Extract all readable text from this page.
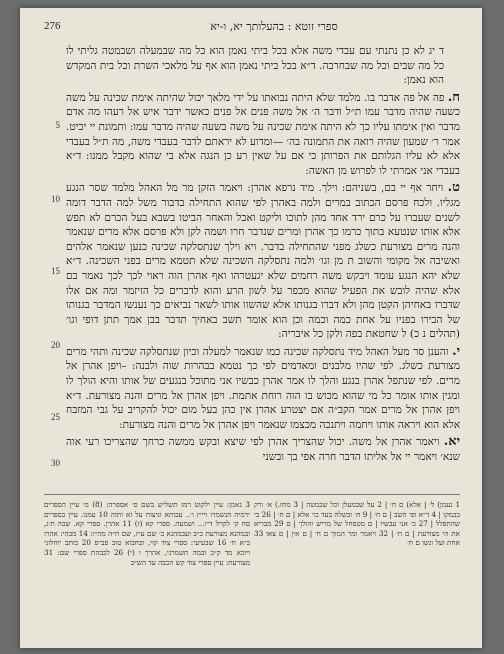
276	ספרי זוטא : בהעלותך יא, ו-יא
5
10
15
20
25
30

ד יג לא כן נתנתי עם עבדי משה אלא בכל ביתי נאמן הוא כל מה שבמעלה ושבמטה גליתי לו כל מה שבים וכל מה שבחרבה. ד״א בכל ביתי נאמן הוא אף על מלאכי השרת וכל בית המקדש הוא נאמן:

ח. פה אל פה אדבר בו. מלמד שלא היתה נבואתו על ידי מלאך יכול שהיתה אימת שכינה על משה כשעה שהיה מדבר עמו ת״ל ודבר ה׳ אל משה פנים אל פנים כאשר ידבר איש אל רעהו מה אדם מדבר ואין אימתו עליו כך לא היתה אימת שכינה על משה בשעה שהיה מדבר עמו: ותמונת יי יביט. אמר ר׳ שמעון שהיה רואה את התמונה בה׳ —ומדוע לא יראתם לדבר בעבדי משה, מה ת״ל בעבדי אלא לא עליו הגלותם את הפרותן כי אם על שאין רע כן הנגה אלא בי שהוא מקבל ממנו: ד״א בעבדי אני אמרתי לו לפרוש מן האשה:

ט. ויחר אף יי בם, בשניהם: וילך. מיד נרפא אהרן: ויאמר הזקן מר מל האהל מלמד שסר הנגע מגליו. ולכח פרסם הכתוב במרים ולמה באהרן לפי שהוא התחילה בדבור משל למה הדבר דומה לשנים שעברו על כרם ירד אחד מהן לתוכו וליקט ואכל והאחר הביטו בשבא בעל הכרם לא תפש אלא אותו שנטעא בתוך כרמו כך אהרן ומרים שנדבר חרו ושמה לקן ולא פרסם אלא מרים שנאמר והנה מרים מצורעת כשלג מפני שהתחילה בדבר. ויא וילך שנתסלקה שכינה כנען שנאמר אלהים ואשיבה אל מקומי והשוב ת מן וגו׳ ולמה נתסלקה השכינה שלא תטמא מרים בפני השכינה. ד״א שלא יהא הנגע עומד ויבקש משה רחמים שלא יגעטרהו ואף אהרן הוה ראוי לכך לכך נאמר בם אלא שהיה לובש את הפעיל שהוא מכפר על לשון הרע והוא לדברים כל הזיזמר ומה אם אלו שדברו באחיהן הקטן מהן ולא דברו בגנותו אלא שהשוו אותו לשאר נביאים כך נענשו המדבר בגנותו של הבירו בפניו על אחת כמה וכמה וכן הוא אומר תשב באחיך תדבר בבן אמך תתן דופי וגו׳ (תהלים נ כ) ל שחטאת בפה ולקן כל איבריה:

י. והענן סר מעל האהל מיד נתסלקה שכינה כמו שנאמר למעלה וכיון שנתסלקה שכינה ותהי מרים מצורעת כשלג. לפי שהיו מלבנים ומאדמים לפי כך נטמא בבהרות שוה ולבנה: –ויפן אהרן אל מרים. לפי שנתפל אהרן בנגע והלך לו אמר אהרן כבשיו אני מתוכל בנגעים של אותו והיא הולך לו ומגין אותו אומר כל מי שהוא מכוש בו הוה רוחת אתמת. ויפן אהרן אל מרים והנה מצורעת. ד״א ויפן אהרן אל מרים אמר הקב״ה אם יצטרע אהרן אין כהן בעל מום יכול להקריב על גבי המזבח אלא הוא ויראה אותו ויחמה ויתנכה מכצמו שנאמר ויפן אהרן אל מרים והנה מצורעת:

יא. ויאמר אהרן אל משה. יכול שהצריך אהרן לפי שיצא ובקש ממשה כרחך שהצריכו רעי אוה שנא׳ ויאמר יי אל אליתו הדבר חרה אפי בך ובשני

1 נעמן) ל׳ | אלא) ם ח׳ | 2 על שבמעלן וכל שבמטה | 3 מחז.) א׳ ורק בבמקו | 4 ד״א ופי השב | ם ח׳ | 9 ח׳ ובשלה בעד כו׳ אלא | ם ח׳ | 26 בי שהתפלל | 27 כ׳ אני עבשיו | ם מטפחל של מריש והולך | ם 29 מבריא את הי מצורעת | ם ח׳ | 32 ויאמר ומר המוך ם ח׳ | ם אין | ם צאו 33 אחת ועל ונשו ם ח׳
3 נאמן: עיין ילקוט רמז תשליש בשם ס׳ אספרה: (8) מ׳ עיין הספרים ירמיה הנשמרו ויי״ז ו׳.. עכותא וניצוח על זא ותוה 10 עמנו. עיין בספרים סח ק׳ לקויל ד״ו... ושמעה. ספרי קא (ז) 11 אהרן. ספרי קא. שבה ת׳ג, ובמהנא מצורעת כ״ב ועבמהנא ב׳ שם ע״ז, שם ח״ה מה״ו: 14 מבהי: אהרו ב״א ח׳ 16 שבעיעי: ספרי צוד קוי, ובחבוא טוב פב״פ 20 כותב יוחלוני ויוכא מד ק״כ ובמה תשמרני, אהרך ו (י) 26 לכבהת ספרי שם: 31 מצורעת: עיין ספרי צוד קש הכבה עד הש״ב
